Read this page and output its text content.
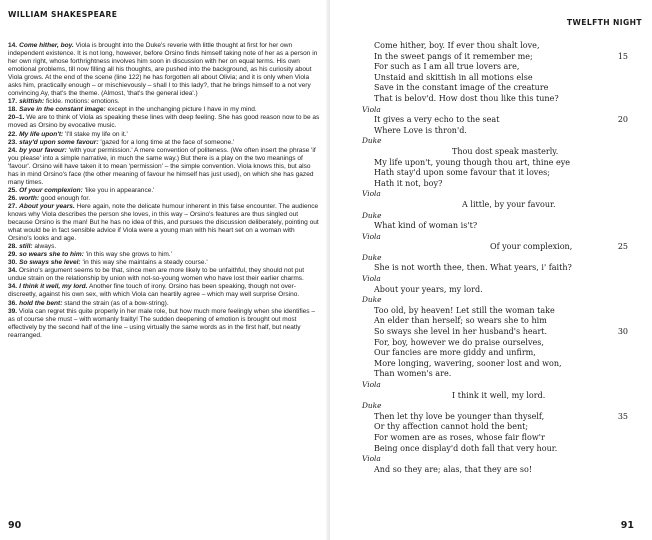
WILLIAM SHAKESPEARE

14. Come hither, boy. Viola is brought into the Duke's reverie with little thought at first for her own independent existence. It is not long, however, before Orsino finds himself taking note of her as a person in her own right, whose forthrightness involves him soon in discussion with her on equal terms. His own emotional problems, till now filling all his thoughts, are pushed into the background, as his curiosity about Viola grows. At the end of the scene (line 122) he has forgotten all about Olivia; and it is only when Viola asks him, practically enough – or mischievously – shall I to this lady?, that he brings himself to a not very convincing Ay, that's the theme. (Almost, 'that's the general idea'.)

17. skittish: fickle. motions: emotions.

18. Save in the constant image: except in the unchanging picture I have in my mind.

20–1. We are to think of Viola as speaking these lines with deep feeling. She has good reason now to be as moved as Orsino by evocative music.

22. My life upon't: 'I'll stake my life on it.'

23. stay'd upon some favour: 'gazed for a long time at the face of someone.'

24. by your favour: 'with your permission.' A mere convention of politeness. (We often insert the phrase 'if you please' into a simple narrative, in much the same way.) But there is a play on the two meanings of 'favour'. Orsino will have taken it to mean 'permission' – the simple convention. Viola knows this, but also has in mind Orsino's face (the other meaning of favour he himself has just used), on which she has gazed many times.

25. Of your complexion: 'like you in appearance.'

26. worth: good enough for.

27. About your years. Here again, note the delicate humour inherent in this false encounter. The audience knows why Viola describes the person she loves, in this way – Orsino's features are thus singled out because Orsino is the man! But he has no idea of this, and pursues the discussion deliberately, pointing out what would be in fact sensible advice if Viola were a young man with his heart set on a woman with Orsino's looks and age.

28. still: always.

29. so wears she to him: 'in this way she grows to him.'

30. So sways she level: 'in this way she maintains a steady course.'

34. Orsino's argument seems to be that, since men are more likely to be unfaithful, they should not put undue strain on the relationship by union with not-so-young women who have lost their earlier charms.

34. I think it well, my lord. Another fine touch of irony. Orsino has been speaking, though not over-discreetly, against his own sex, with which Viola can heartily agree – which may well surprise Orsino.

36. hold the bent: stand the strain (as of a bow-string).

39. Viola can regret this quite properly in her male role, but how much more feelingly when she identifies – as of course she must – with womanly frailty! The sudden deepening of emotion is brought out most effectively by the second half of the line – using virtually the same words as in the first half, but neatly rearranged.

90
TWELFTH NIGHT
91
Come hither, boy. If ever thou shalt love,
In the sweet pangs of it remember me;	15
For such as I am all true lovers are,
Unstaid and skittish in all motions else
Save in the constant image of the creature
That is belov'd. How dost thou like this tune?
Viola
It gives a very echo to the seat	20
Where Love is thron'd.
Duke
Thou dost speak masterly.
My life upon't, young though thou art, thine eye
Hath stay'd upon some favour that it loves;
Hath it not, boy?
Viola
A little, by your favour.
Duke
What kind of woman is't?
Viola
Of your complexion,	25
Duke
She is not worth thee, then. What years, i' faith?
Viola
About your years, my lord.
Duke
Too old, by heaven! Let still the woman take
An elder than herself; so wears she to him
So sways she level in her husband's heart.	30
For, boy, however we do praise ourselves,
Our fancies are more giddy and unfirm,
More longing, wavering, sooner lost and won,
Than women's are.
Viola
I think it well, my lord.
Duke
Then let thy love be younger than thyself,	35
Or thy affection cannot hold the bent;
For women are as roses, whose fair flow'r
Being once display'd doth fall that very hour.
Viola
And so they are; alas, that they are so!
